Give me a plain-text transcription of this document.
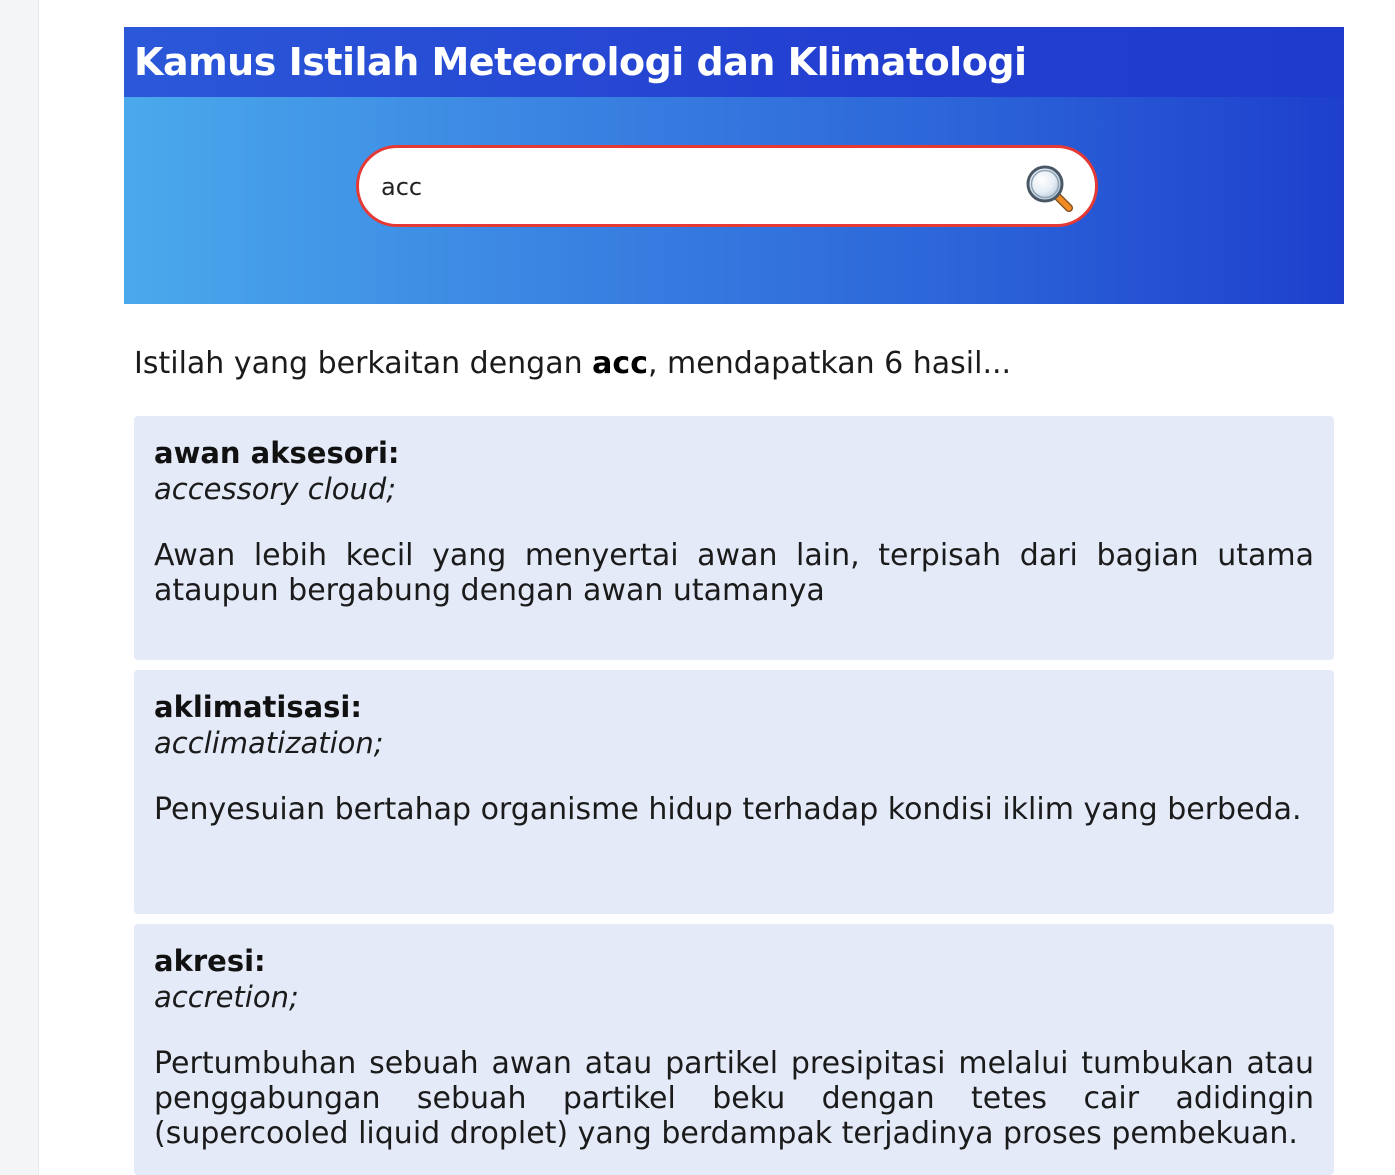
Kamus Istilah Meteorologi dan Klimatologi
acc

Istilah yang berkaitan dengan acc, mendapatkan 6 hasil...

awan aksesori:

accessory cloud;

Awan lebih kecil yang menyertai awan lain, terpisah dari bagian utama ataupun bergabung dengan awan utamanya

aklimatisasi:

acclimatization;

Penyesuian bertahap organisme hidup terhadap kondisi iklim yang berbeda.

akresi:

accretion;

Pertumbuhan sebuah awan atau partikel presipitasi melalui tumbukan atau penggabungan sebuah partikel beku dengan tetes cair adidingin (supercooled liquid droplet) yang berdampak terjadinya proses pembekuan.
